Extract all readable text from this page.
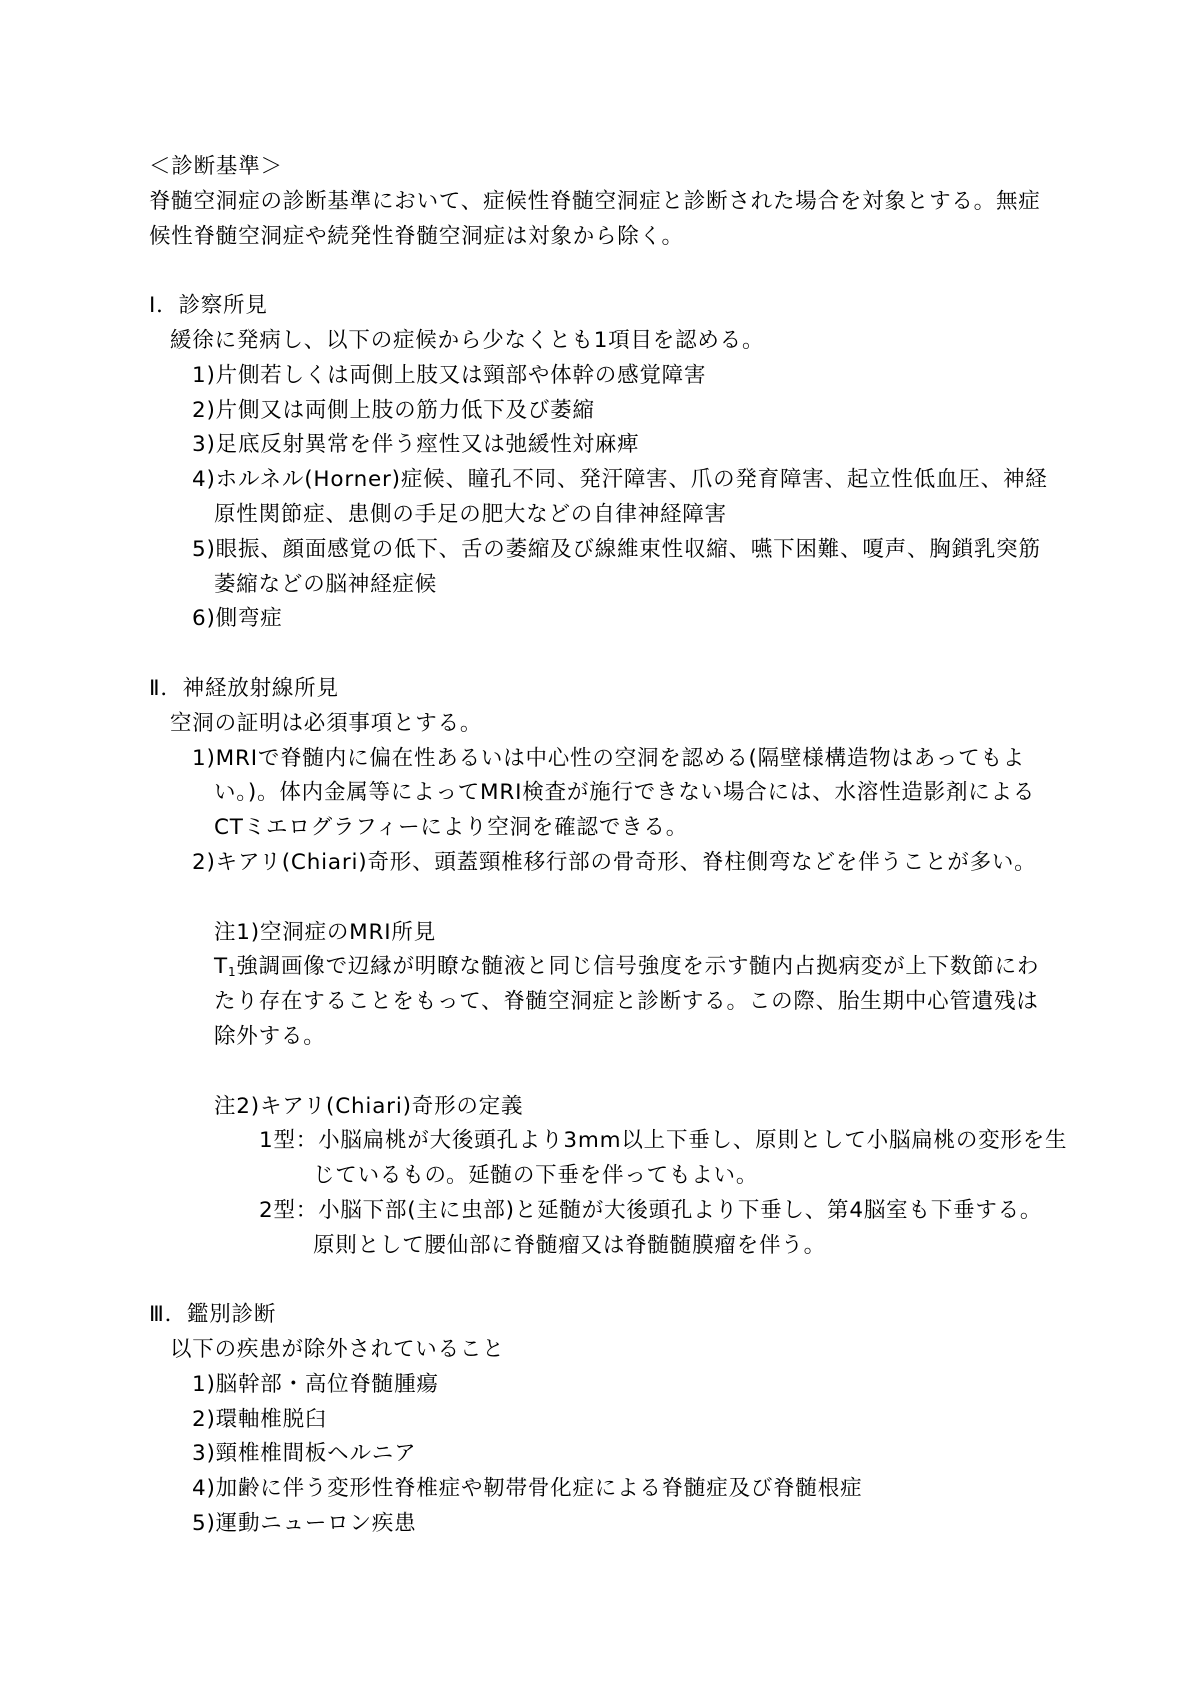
＜診断基準＞
脊髄空洞症の診断基準において、症候性脊髄空洞症と診断された場合を対象とする。無症
候性脊髄空洞症や続発性脊髄空洞症は対象から除く。
Ⅰ．診察所見
緩徐に発病し、以下の症候から少なくとも1項目を認める。
1)片側若しくは両側上肢又は頸部や体幹の感覚障害
2)片側又は両側上肢の筋力低下及び萎縮
3)足底反射異常を伴う痙性又は弛緩性対麻痺
4)ホルネル(Horner)症候、瞳孔不同、発汗障害、爪の発育障害、起立性低血圧、神経
原性関節症、患側の手足の肥大などの自律神経障害
5)眼振、顔面感覚の低下、舌の萎縮及び線維束性収縮、嚥下困難、嗄声、胸鎖乳突筋
萎縮などの脳神経症候
6)側弯症
Ⅱ．神経放射線所見
空洞の証明は必須事項とする。
1)MRIで脊髄内に偏在性あるいは中心性の空洞を認める(隔壁様構造物はあってもよ
い。)。体内金属等によってMRI検査が施行できない場合には、水溶性造影剤による
CTミエログラフィーにより空洞を確認できる。
2)キアリ(Chiari)奇形、頭蓋頸椎移行部の骨奇形、脊柱側弯などを伴うことが多い。
注1)空洞症のMRI所見
$T_1$強調画像で辺縁が明瞭な髄液と同じ信号強度を示す髄内占拠病変が上下数節にわ
たり存在することをもって、脊髄空洞症と診断する。この際、胎生期中心管遺残は
除外する。
注2)キアリ(Chiari)奇形の定義
1型：小脳扁桃が大後頭孔より3mm以上下垂し、原則として小脳扁桃の変形を生
じているもの。延髄の下垂を伴ってもよい。
2型：小脳下部(主に虫部)と延髄が大後頭孔より下垂し、第4脳室も下垂する。
原則として腰仙部に脊髄瘤又は脊髄髄膜瘤を伴う。
Ⅲ．鑑別診断
以下の疾患が除外されていること
1)脳幹部・高位脊髄腫瘍
2)環軸椎脱臼
3)頸椎椎間板ヘルニア
4)加齢に伴う変形性脊椎症や靭帯骨化症による脊髄症及び脊髄根症
5)運動ニューロン疾患
